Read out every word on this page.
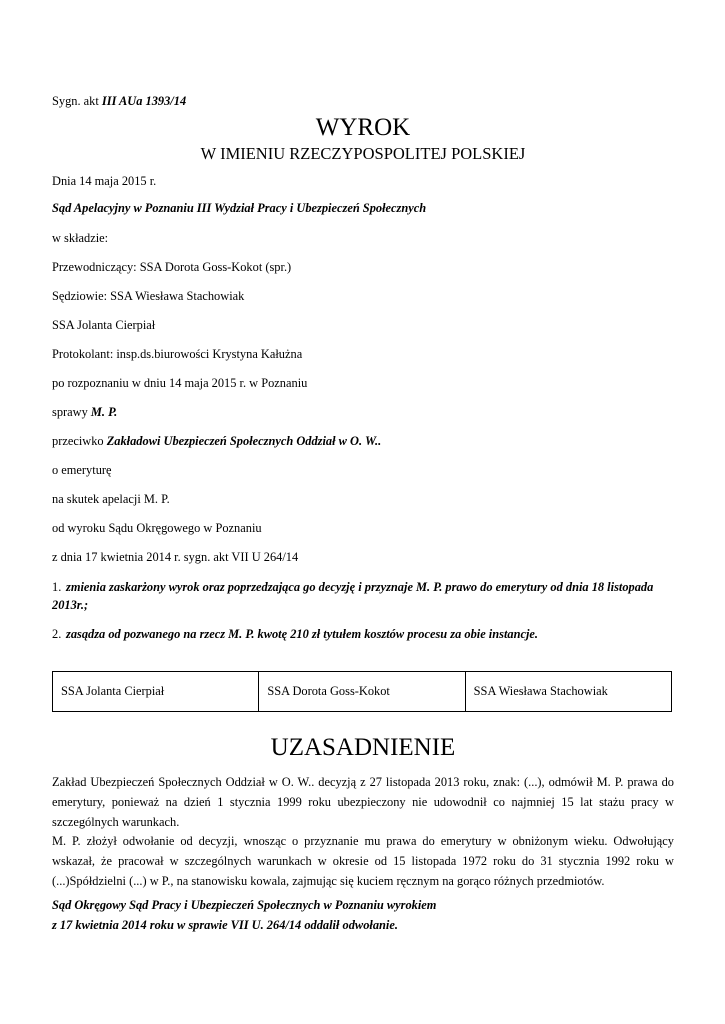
Sygn. akt III AUa 1393/14
WYROK
W IMIENIU RZECZYPOSPOLITEJ POLSKIEJ
Dnia 14 maja 2015 r.
Sąd Apelacyjny w Poznaniu III Wydział Pracy i Ubezpieczeń Społecznych
w składzie:
Przewodniczący: SSA Dorota Goss-Kokot (spr.)
Sędziowie: SSA Wiesława Stachowiak
SSA Jolanta Cierpiał
Protokolant: insp.ds.biurowości Krystyna Kałużna
po rozpoznaniu w dniu 14 maja 2015 r. w Poznaniu
sprawy M. P.
przeciwko Zakładowi Ubezpieczeń Społecznych Oddział w O. W..
o emeryturę
na skutek apelacji M. P.
od wyroku Sądu Okręgowego w Poznaniu
z dnia 17 kwietnia 2014 r. sygn. akt VII U 264/14
1. zmienia zaskarżony wyrok oraz poprzedzająca go decyzję i przyznaje M. P. prawo do emerytury od dnia 18 listopada 2013r.;
2. zasądza od pozwanego na rzecz M. P. kwotę 210 zł tytułem kosztów procesu za obie instancje.
SSA Jolanta Cierpiał	SSA Dorota Goss-Kokot	SSA Wiesława Stachowiak
UZASADNIENIE

Zakład Ubezpieczeń Społecznych Oddział w O. W.. decyzją z 27 listopada 2013 roku, znak: (...), odmówił M. P. prawa do emerytury, ponieważ na dzień 1 stycznia 1999 roku ubezpieczony nie udowodnił co najmniej 15 lat stażu pracy w szczególnych warunkach.

M. P. złożył odwołanie od decyzji, wnosząc o przyznanie mu prawa do emerytury w obniżonym wieku. Odwołujący wskazał, że pracował w szczególnych warunkach w okresie od 15 listopada 1972 roku do 31 stycznia 1992 roku w (...)Spółdzielni (...) w P., na stanowisku kowala, zajmując się kuciem ręcznym na gorąco różnych przedmiotów.

Sąd Okręgowy Sąd Pracy i Ubezpieczeń Społecznych w Poznaniu wyrokiem
z 17 kwietnia 2014 roku w sprawie VII U. 264/14 oddalił odwołanie.
